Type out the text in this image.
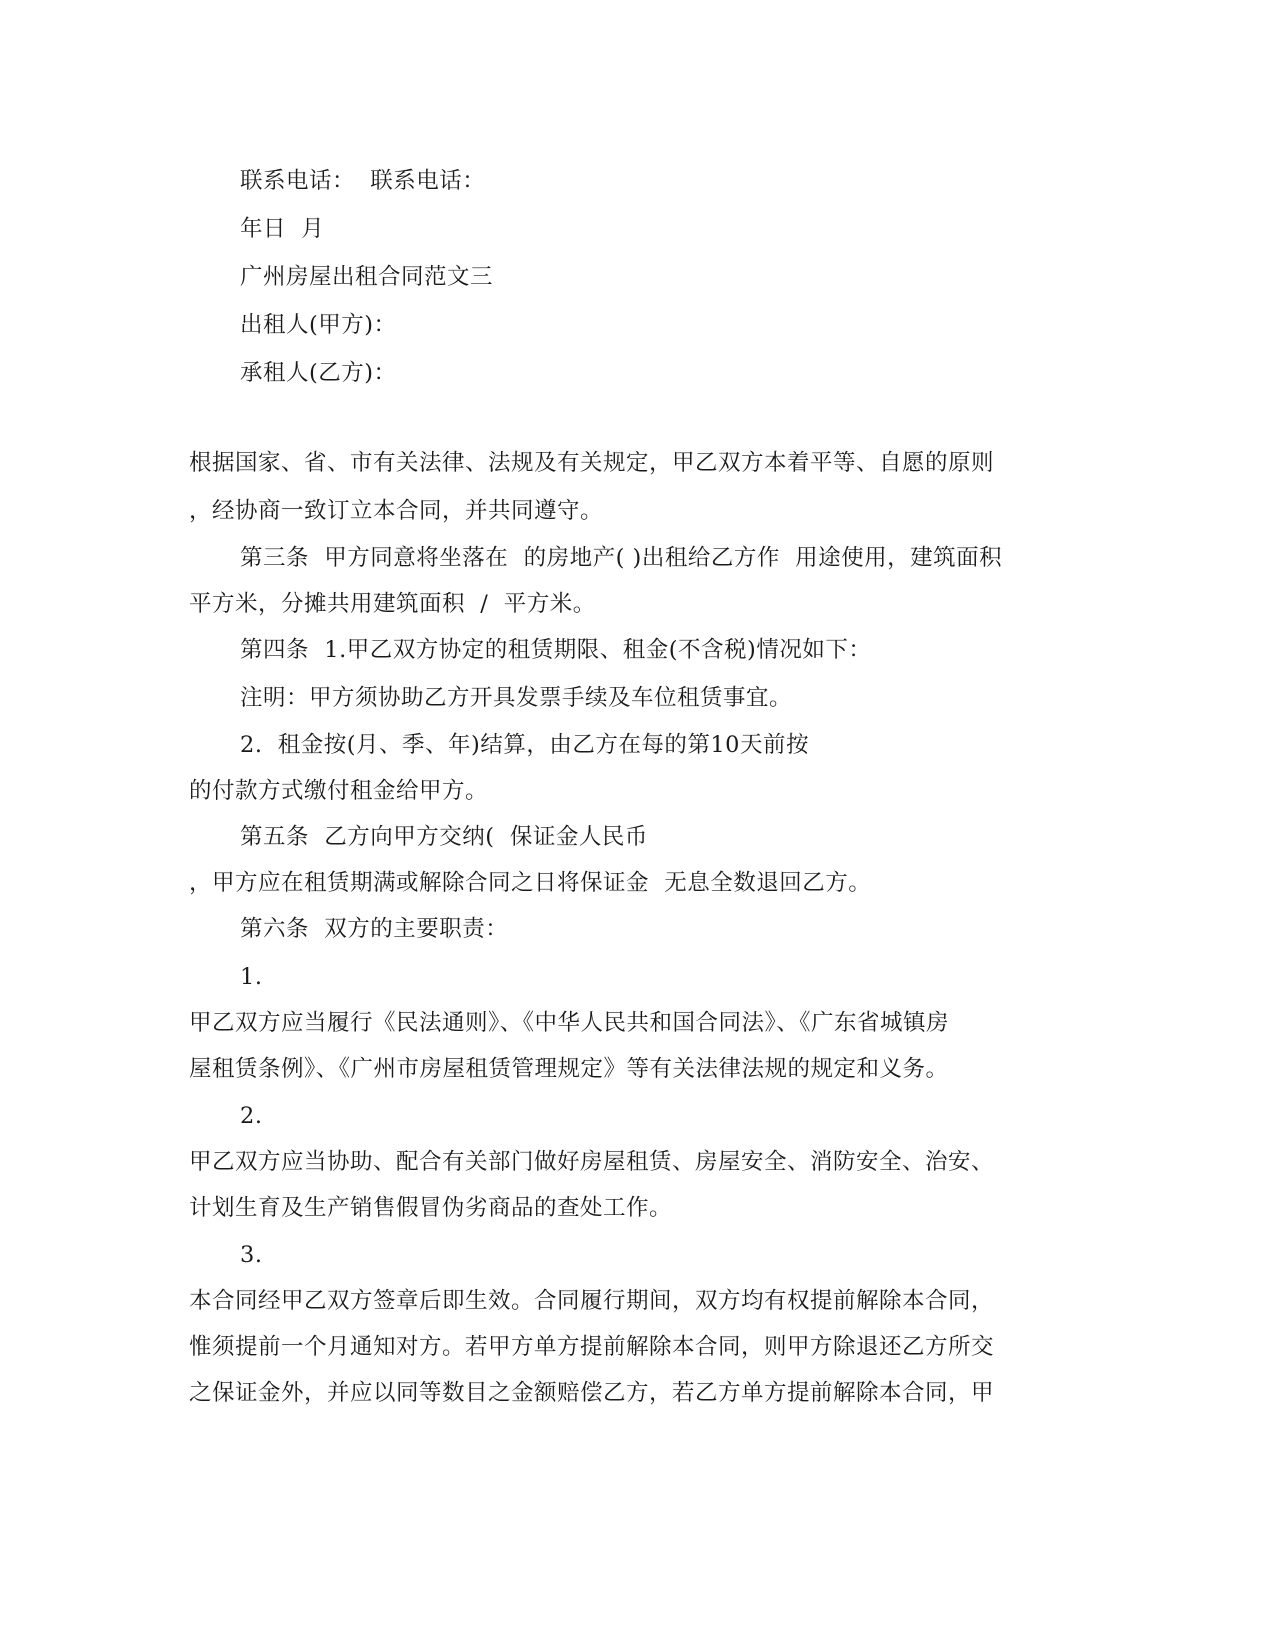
联系电话：  联系电话：
年日  月
广州房屋出租合同范文三
出租人(甲方)：
承租人(乙方)：
根据国家、省、市有关法律、法规及有关规定，甲乙双方本着平等、自愿的原则
，经协商一致订立本合同，并共同遵守。
第三条  甲方同意将坐落在  的房地产( )出租给乙方作  用途使用，建筑面积
平方米，分摊共用建筑面积  /  平方米。
第四条  1.甲乙双方协定的租赁期限、租金(不含税)情况如下：
注明：甲方须协助乙方开具发票手续及车位租赁事宜。
2.  租金按(月、季、年)结算，由乙方在每的第10天前按
的付款方式缴付租金给甲方。
第五条  乙方向甲方交纳(  保证金人民币
，甲方应在租赁期满或解除合同之日将保证金  无息全数退回乙方。
第六条  双方的主要职责：
1.
甲乙双方应当履行《民法通则》、《中华人民共和国合同法》、《广东省城镇房
屋租赁条例》、《广州市房屋租赁管理规定》等有关法律法规的规定和义务。
2.
甲乙双方应当协助、配合有关部门做好房屋租赁、房屋安全、消防安全、治安、
计划生育及生产销售假冒伪劣商品的查处工作。
3.
本合同经甲乙双方签章后即生效。合同履行期间，双方均有权提前解除本合同，
惟须提前一个月通知对方。若甲方单方提前解除本合同，则甲方除退还乙方所交
之保证金外，并应以同等数目之金额赔偿乙方，若乙方单方提前解除本合同，甲
